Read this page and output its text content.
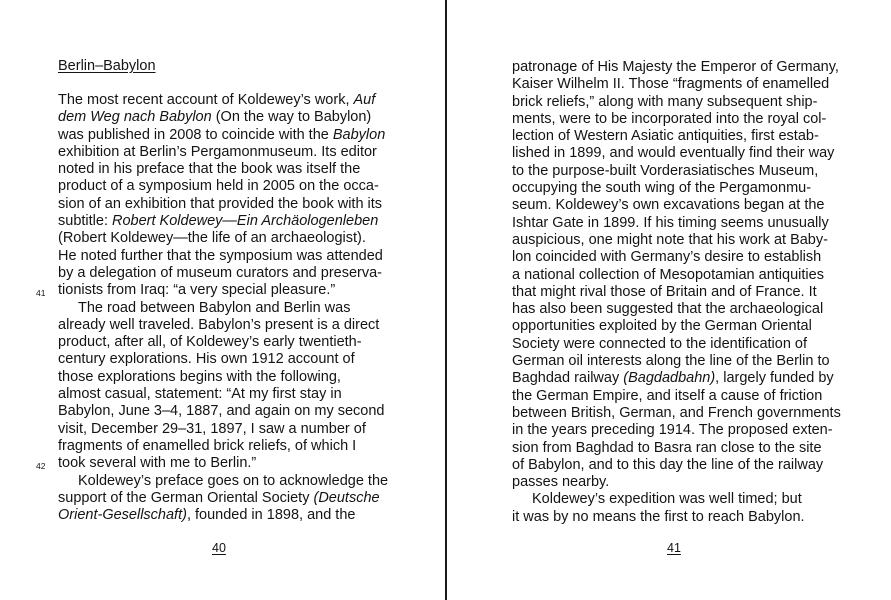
Berlin–Babylon
The most recent account of Koldewey’s work, Auf
dem Weg nach Babylon (On the way to Babylon)
was published in 2008 to coincide with the Babylon
exhibition at Berlin’s Pergamonmuseum. Its editor
noted in his preface that the book was itself the
product of a symposium held in 2005 on the occa-
sion of an exhibition that provided the book with its
subtitle: Robert Koldewey—Ein Archäologenleben
(Robert Koldewey—the life of an archaeologist).
He noted further that the symposium was attended
by a delegation of museum curators and preserva-
41 tionists from Iraq: “a very special pleasure.”
The road between Babylon and Berlin was
already well traveled. Babylon’s present is a direct
product, after all, of Koldewey’s early twentieth-
century explorations. His own 1912 account of
those explorations begins with the following,
almost casual, statement: “At my first stay in
Babylon, June 3–4, 1887, and again on my second
visit, December 29–31, 1897, I saw a number of
fragments of enamelled brick reliefs, of which I
42 took several with me to Berlin.”
Koldewey’s preface goes on to acknowledge the
support of the German Oriental Society (Deutsche
Orient-Gesellschaft), founded in 1898, and the
40
patronage of His Majesty the Emperor of Germany,
Kaiser Wilhelm II. Those “fragments of enamelled
brick reliefs,” along with many subsequent ship-
ments, were to be incorporated into the royal col-
lection of Western Asiatic antiquities, first estab-
lished in 1899, and would eventually find their way
to the purpose-built Vorderasiatisches Museum,
occupying the south wing of the Pergamonmu-
seum. Koldewey’s own excavations began at the
Ishtar Gate in 1899. If his timing seems unusually
auspicious, one might note that his work at Baby-
lon coincided with Germany’s desire to establish
a national collection of Mesopotamian antiquities
that might rival those of Britain and of France. It
has also been suggested that the archaeological
opportunities exploited by the German Oriental
Society were connected to the identification of
German oil interests along the line of the Berlin to
Baghdad railway (Bagdadbahn), largely funded by
the German Empire, and itself a cause of friction
between British, German, and French governments
in the years preceding 1914. The proposed exten-
sion from Baghdad to Basra ran close to the site
of Babylon, and to this day the line of the railway
passes nearby.
Koldewey’s expedition was well timed; but
it was by no means the first to reach Babylon.
41
